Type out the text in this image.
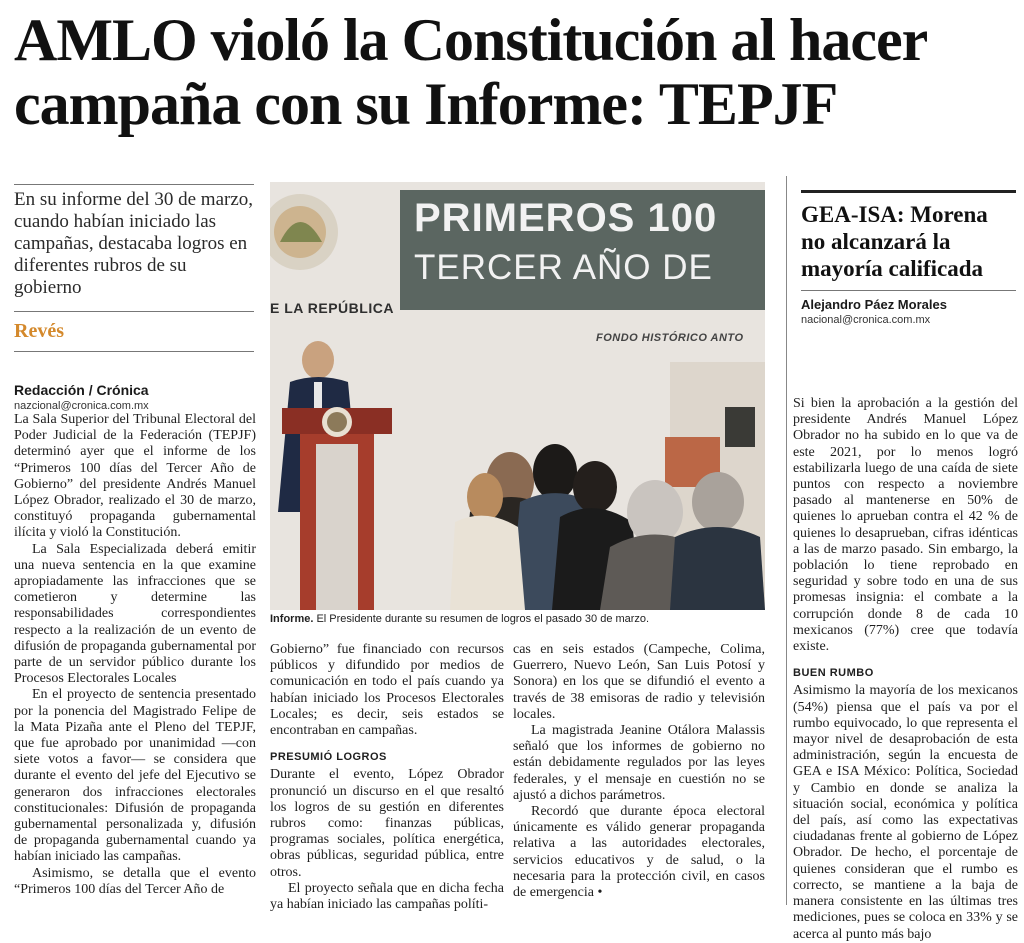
AMLO violó la Constitución al hacer
campaña con su Informe: TEPJF
En su informe del 30 de marzo, cuando habían iniciado las campañas, destacaba logros en diferentes rubros de su gobierno
Revés
Redacción / Crónica
nazcional@cronica.com.mx

La Sala Superior del Tribunal Electoral del Poder Judicial de la Federación (TEPJF) determinó ayer que el informe de los “Primeros 100 días del Tercer Año de Gobierno” del presidente Andrés Manuel López Obrador, realizado el 30 de marzo, constituyó propaganda gubernamental ilícita y violó la Constitución.

La Sala Especializada deberá emitir una nueva sentencia en la que examine apropiadamente las infracciones que se cometieron y determine las responsabilidades correspondientes respecto a la realización de un evento de difusión de propaganda gubernamental por parte de un servidor público durante los Procesos Electorales Locales

En el proyecto de sentencia presentado por la ponencia del Magistrado Felipe de la Mata Pizaña ante el Pleno del TEPJF, que fue aprobado por unanimidad —con siete votos a favor— se considera que durante el evento del jefe del Ejecutivo se generaron dos infracciones electorales constitucionales: Difusión de propaganda gubernamental personalizada y, difusión de propaganda gubernamental cuando ya habían iniciado las campañas.

Asimismo, se detalla que el evento “Primeros 100 días del Tercer Año de

PRIMEROS 100
TERCER AÑO DE
E LA REPÚBLICA
FONDO HISTÓRICO ANTO
Informe. El Presidente durante su resumen de logros el pasado 30 de marzo.

Gobierno” fue financiado con recursos públicos y difundido por medios de comunicación en todo el país cuando ya habían iniciado los Procesos Electorales Locales; es decir, seis estados se encontraban en campañas.

PRESUMIÓ LOGROS

Durante el evento, López Obrador pronunció un discurso en el que resaltó los logros de su gestión en diferentes rubros como: finanzas públicas, programas sociales, política energética, obras públicas, seguridad pública, entre otros.

El proyecto señala que en dicha fecha ya habían iniciado las campañas políti-

cas en seis estados (Campeche, Colima, Guerrero, Nuevo León, San Luis Potosí y Sonora) en los que se difundió el evento a través de 38 emisoras de radio y televisión locales.

La magistrada Jeanine Otálora Malassis señaló que los informes de gobierno no están debidamente regulados por las leyes federales, y el mensaje en cuestión no se ajustó a dichos parámetros.

Recordó que durante época electoral únicamente es válido generar propaganda relativa a las autoridades electorales, servicios educativos y de salud, o la necesaria para la protección civil, en casos de emergencia •

GEA-ISA: Morena no alcanzará la mayoría calificada
Alejandro Páez Morales
nacional@cronica.com.mx

Si bien la aprobación a la gestión del presidente Andrés Manuel López Obrador no ha subido en lo que va de este 2021, por lo menos logró estabilizarla luego de una caída de siete puntos con respecto a noviembre pasado al mantenerse en 50% de quienes lo aprueban contra el 42 % de quienes lo desaprueban, cifras idénticas a las de marzo pasado. Sin embargo, la población lo tiene reprobado en seguridad y sobre todo en una de sus promesas insignia: el combate a la corrupción donde 8 de cada 10 mexicanos (77%) cree que todavía existe.

BUEN RUMBO

Asimismo la mayoría de los mexicanos (54%) piensa que el país va por el rumbo equivocado, lo que representa el mayor nivel de desaprobación de esta administración, según la encuesta de GEA e ISA México: Política, Sociedad y Cambio en donde se analiza la situación social, económica y política del país, así como las expectativas ciudadanas frente al gobierno de López Obrador. De hecho, el porcentaje de quienes consideran que el rumbo es correcto, se mantiene a la baja de manera consistente en las últimas tres mediciones, pues se coloca en 33% y se acerca al punto más bajo
